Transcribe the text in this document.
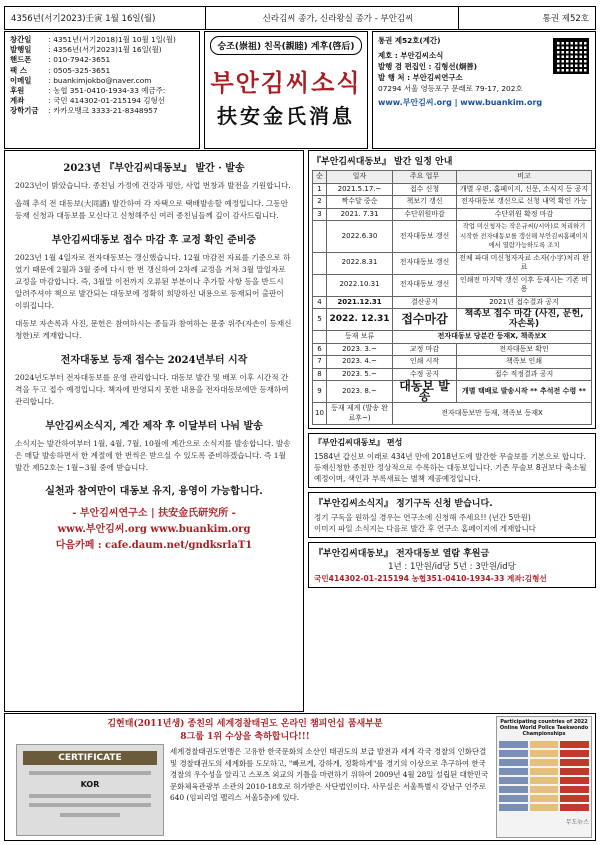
4356년(서기2023)壬寅 1월 16일(월)	신라김씨 종가, 신라왕실 종가 - 부안김씨	통권 제52호
창간일 : 4351년(서기2018)1월 10월 1일(월)
발행일 : 4356년(서기2023)1월 16일(월)
핸드폰 : 010-7942-3651
팩 스	: 0505-325-3651
이메일 : buankimjokbo@naver.com
후원	: 농협 351-0410-1934-33 예금주:
계좌	: 국민 414302-01-215194 김형선
장학기금 : 카카오뱅크 3333-21-8348957
숭조(崇祖) 친목(親睦) 계후(啓后)
부안김씨소식
扶安金氏消息
통권 제52호(계간)
제호 : 부안김씨소식
발행 겸 편집인 : 김형선(炯善)
발 행 처 : 부안김씨연구소
07294 서울 영등포구 문래로 79-17, 202호
www.부안김씨.org | www.buankim.org
2023년 『부안김씨대동보』 발간 · 발송

2023년이 밝았습니다. 종친님 가정에 건강과 평안, 사업 번창과 발전을 기원합니다.

올해 추석 전 대동보(大同譜) 발간하여 각 자택으로 택배발송할 예정입니다. 그동안 등재 신청과 대동보를 모신다고 신청해주신 여러 종친님들께 깊이 감사드립니다.

부안김씨대동보 접수 마감 후 교정 확인 준비중

2023년 1월 4일자로 전자대동보는 갱신했습니다. 12월 마감전 자료를 기준으로 하였기 때문에 2월과 3월 중에 다시 한 번 갱신하여 2차례 교정을 거쳐 3월 말일자로 교정을 마감합니다. 즉, 3월말 이전까지 오류된 부분이나 추가할 사항 등을 반드시 알려주셔야 책으로 발간되는 대동보에 정확히 희망하신 내용으로 등재되어 출판이 이뤄집니다.

대동보 자손록과 사진, 문헌은 참여하시는 종들과 참여하는 문중 위주(자손이 등재신청한)로 게재합니다.

전자대동보 등재 접수는 2024년부터 시작

2024년도부터 전자대동보를 운영 관리합니다. 대동보 발간 및 배포 이후 시간적 간격을 두고 접수 예정입니다. 책자에 반영되지 못한 내용을 전자대동보에만 등재하여 관리합니다.

부안김씨소식지, 계간 제작 후 이달부터 나눠 발송

소식지는 발간하여부터 1월, 4월, 7월, 10월에 계간으로 소식지를 발송합니다. 발송은 매달 발송하면서 한 계절에 한 번씩은 받으실 수 있도록 준비하겠습니다. 즉 1월 발간 제52호는 1월~3월 중에 받습니다.

실천과 참여만이 대동보 유지, 융영이 가능합니다.
- 부안김씨연구소 | 扶安金氏研究所 -
www.부안김씨.org www.buankim.org
다음카페 : cafe.daum.net/gndksrlaT1
『부안김씨대동보』 발간 일정 안내
순	일자	주요 업무	비고
1	2021.5.17.~	접수 신청	개별 우편, 홈페이지, 신문, 소식지 등 공지
2	짝수달 중순	책보기 갱신	전자대동보 갱신으로 신청 내역 확인 가능
3	2021. 7.31	수단위원마감	수단위원 확정 마감
	2022.6.30	전자대동보 갱신	작업 미신청자는 작은규씨(/시아)로 처리하기 시작한 전자대동보를 갱신해 부안김씨홈페이지에서 열람가능하도록 조치
	2022.8.31	전자대동보 갱신	전체 파대 미신청자자료 소자(小字)처리 완료
	2022.10.31	전자대동보 갱신	인쇄전 마지막 갱신 이후 등재시는 기존 비용
4	2021.12.31	결산공지	2021년 접수결과 공지
5	2022. 12.31	접수마감	책족보 접수 마감 (사진, 문헌, 자손록)
	등재 보류	전자대동보 당분간 등재X, 책족보X	
6	2023. 3.~	교정 마감	전자대동보 확인
7	2023. 4.~	인쇄 시작	책족보 인쇄
8	2023. 5.~	수정 공지	접수 적정결과 공지
9	2023. 8.~	대동보 발송	개별 택배로 발송시작 ** 추석전 수령 **
10	등재 제게 (발송 완료후~)	전자대동보만 등재, 책족보 등재X	
『부안김씨대동보』 편성

1584년 갑신보 이래로 434년 만에 2018년도에 발간한 무술보를 기본으로 합니다. 등재신청한 종친만 정상적으로 수록하는 대동보입니다. 기존 무술보 8권보다 축소될 예정이며, 색인과 부록새료는 별책 제공예정입니다.

『부안김씨소식지』 정기구독 신청 받습니다.

정기 구독을 원하실 경우는 연구소에 신청해 주세요!! (년간 5만원)

이미지 파일 소식지는 다음로 발간 후 연구소 홈페이지에 게재합니다

『부안김씨대동보』 전자대동보 열람 후원금

1년 : 1만원/id당 5년 : 3만원/id당

국민414302-01-215194 농협351-0410-1934-33 계좌:김형선

김현태(2011년생) 종친의 세계경찰태권도 온라인 챔피언십 품새부분
8그룹 1위 수상을 축하합니다!!!
CERTIFICATE
KOR

세계경찰태권도연맹은 고유한 한국문화의 소산인 태권도의 보급 발전과 세계 각국 경찰의 인화단결 및 경찰태권도의 세계화를 도모하고, "빠르게, 강하게, 정확하게"를 경기의 이상으로 추구하여 한국경찰의 우수성을 알리고 스포츠 외교의 기틀을 마련하기 위하여 2009년 4월 28일 설립된 대한민국 문화체육관광부 소관의 2010-18호로 허가받은 사단법인이다. 사무실은 서울특별시 강남구 언주로640 (임피리얼 팰리스 서울5층)에 있다.

Participating countries of 2022 Online World Police Taekwondo Championships
무도뉴스
